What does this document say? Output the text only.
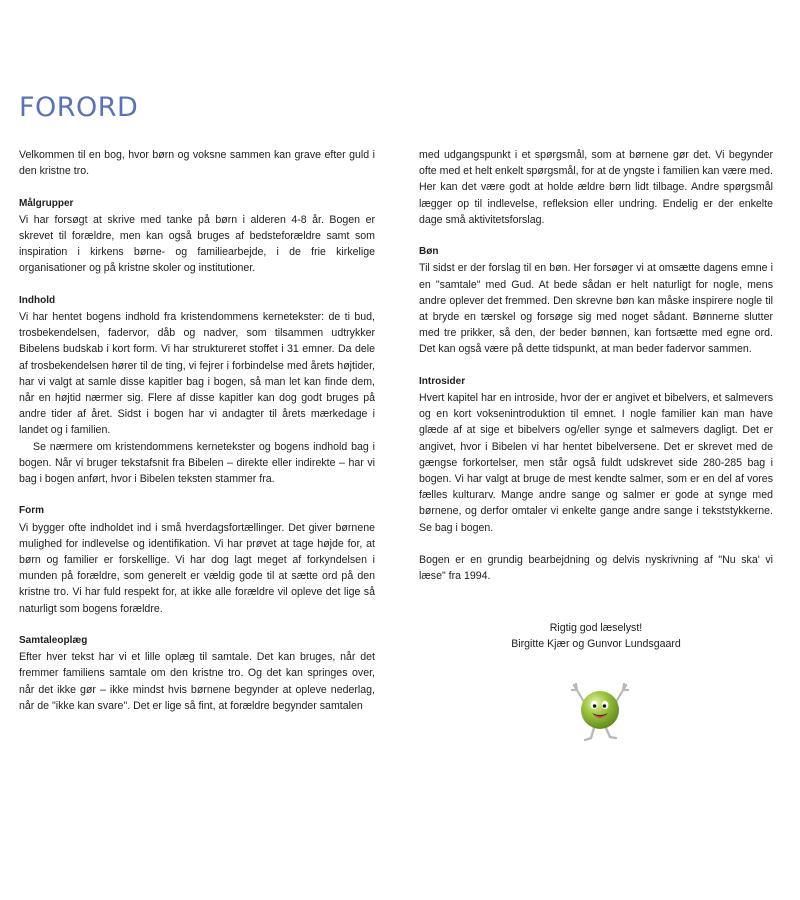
FORORD

Velkommen til en bog, hvor børn og voksne sammen kan grave efter guld i den kristne tro.

Målgrupper

Vi har forsøgt at skrive med tanke på børn i alderen 4-8 år. Bogen er skrevet til forældre, men kan også bruges af bedsteforældre samt som inspiration i kirkens børne- og familiearbejde, i de frie kirkelige organisationer og på kristne skoler og institutioner.

Indhold

Vi har hentet bogens indhold fra kristendommens kernetekster: de ti bud, trosbekendelsen, fadervor, dåb og nadver, som tilsammen udtrykker Bibelens budskab i kort form. Vi har struktureret stoffet i 31 emner. Da dele af trosbekendelsen hører til de ting, vi fejrer i forbindelse med årets højtider, har vi valgt at samle disse kapitler bag i bogen, så man let kan finde dem, når en højtid nærmer sig. Flere af disse kapitler kan dog godt bruges på andre tider af året. Sidst i bogen har vi andagter til årets mærkedage i landet og i familien.

Se nærmere om kristendommens kernetekster og bogens indhold bag i bogen. Når vi bruger tekstafsnit fra Bibelen – direkte eller indirekte – har vi bag i bogen anført, hvor i Bibelen teksten stammer fra.

Form

Vi bygger ofte indholdet ind i små hverdagsfortællinger. Det giver børnene mulighed for indlevelse og identifikation. Vi har prøvet at tage højde for, at børn og familier er forskellige. Vi har dog lagt meget af forkyndelsen i munden på forældre, som generelt er vældig gode til at sætte ord på den kristne tro. Vi har fuld respekt for, at ikke alle forældre vil opleve det lige så naturligt som bogens forældre.

Samtaleoplæg

Efter hver tekst har vi et lille oplæg til samtale. Det kan bruges, når det fremmer familiens samtale om den kristne tro. Og det kan springes over, når det ikke gør – ikke mindst hvis børnene begynder at opleve nederlag, når de "ikke kan svare". Det er lige så fint, at forældre begynder samtalen

med udgangspunkt i et spørgsmål, som at børnene gør det. Vi begynder ofte med et helt enkelt spørgsmål, for at de yngste i familien kan være med. Her kan det være godt at holde ældre børn lidt tilbage. Andre spørgsmål lægger op til indlevelse, refleksion eller undring. Endelig er der enkelte dage små aktivitetsforslag.

Bøn

Til sidst er der forslag til en bøn. Her forsøger vi at omsætte dagens emne i en "samtale" med Gud. At bede sådan er helt naturligt for nogle, mens andre oplever det fremmed. Den skrevne bøn kan måske inspirere nogle til at bryde en tærskel og forsøge sig med noget sådant. Bønnerne slutter med tre prikker, så den, der beder bønnen, kan fortsætte med egne ord. Det kan også være på dette tidspunkt, at man beder fadervor sammen.

Introsider

Hvert kapitel har en introside, hvor der er angivet et bibelvers, et salmevers og en kort voksenintroduktion til emnet. I nogle familier kan man have glæde af at sige et bibelvers og/eller synge et salmevers dagligt. Det er angivet, hvor i Bibelen vi har hentet bibelversene. Det er skrevet med de gængse forkortelser, men står også fuldt udskrevet side 280-285 bag i bogen. Vi har valgt at bruge de mest kendte salmer, som er en del af vores fælles kulturarv. Mange andre sange og salmer er gode at synge med børnene, og derfor omtaler vi enkelte gange andre sange i tekststykkerne. Se bag i bogen.

Bogen er en grundig bearbejdning og delvis nyskrivning af "Nu ska' vi læse" fra 1994.

Rigtig god læselyst!

Birgitte Kjær og Gunvor Lundsgaard
